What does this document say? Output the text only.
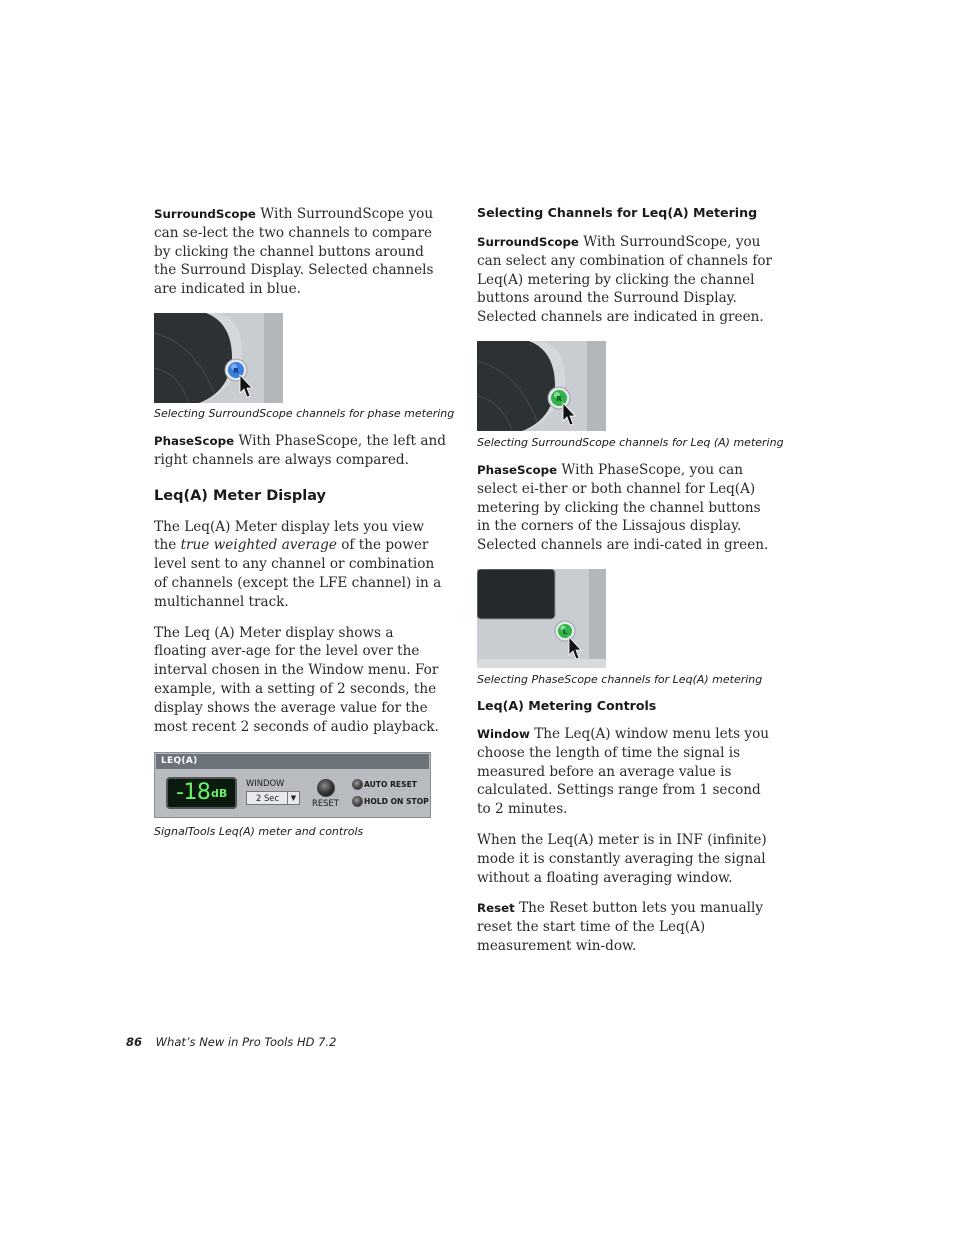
SurroundScope With SurroundScope you can se-lect the two channels to compare by clicking the channel buttons around the Surround Display. Selected channels are indicated in blue.

R
Selecting SurroundScope channels for phase metering

PhaseScope With PhaseScope, the left and right channels are always compared.

Leq(A) Meter Display

The Leq(A) Meter display lets you view the true weighted average of the power level sent to any channel or combination of channels (except the LFE channel) in a multichannel track.

The Leq (A) Meter display shows a floating aver-age for the level over the interval chosen in the Window menu. For example, with a setting of 2 seconds, the display shows the average value for the most recent 2 seconds of audio playback.

LEQ(A)
-18 dB
WINDOW
2 Sec	▼	RESET
AUTO RESET
HOLD ON STOP
SignalTools Leq(A) meter and controls
Selecting Channels for Leq(A) Metering

SurroundScope With SurroundScope, you can select any combination of channels for Leq(A) metering by clicking the channel buttons around the Surround Display. Selected channels are indicated in green.

R
Selecting SurroundScope channels for Leq (A) metering

PhaseScope With PhaseScope, you can select ei-ther or both channel for Leq(A) metering by clicking the channel buttons in the corners of the Lissajous display. Selected channels are indi-cated in green.

L
Selecting PhaseScope channels for Leq(A) metering
Leq(A) Metering Controls

Window The Leq(A) window menu lets you choose the length of time the signal is measured before an average value is calculated. Settings range from 1 second to 2 minutes.

When the Leq(A) meter is in INF (infinite) mode it is constantly averaging the signal without a floating averaging window.

Reset The Reset button lets you manually reset the start time of the Leq(A) measurement win-dow.

86 What’s New in Pro Tools HD 7.2
